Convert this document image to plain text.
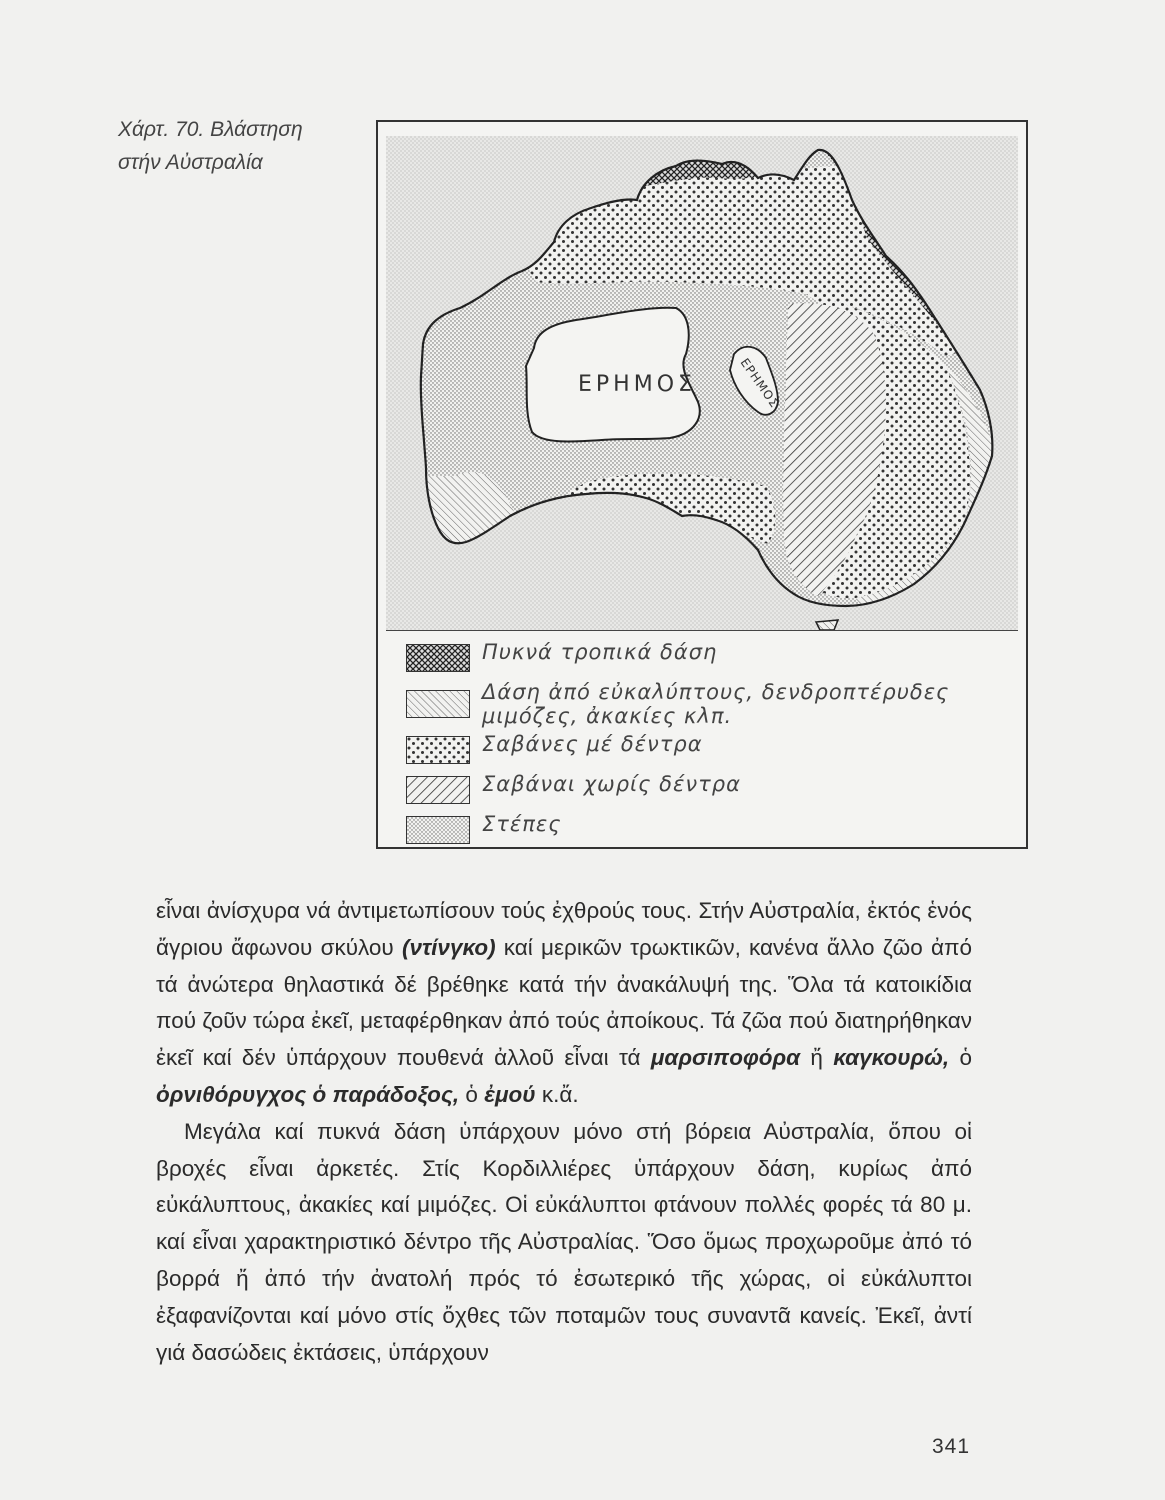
Χάρτ. 70. Βλάστηση
στήν Αὐστραλία
ΕΡΗΜΟΣ	ΕΡΗΜΟΣ
Πυκνά τροπικά δάση
Δάση ἀπό εὐκαλύπτους, δενδροπτέρυδες
μιμόζες, ἀκακίες κλπ.
Σαβάνες μέ δέντρα
Σαβάναι χωρίς δέντρα
Στέπες

εἶναι ἀνίσχυρα νά ἀντιμετωπίσουν τούς ἐχθρούς τους. Στήν Αὐστραλία, ἐκτός ἑνός ἄγριου ἄφωνου σκύλου (ντίνγκο) καί μερικῶν τρωκτικῶν, κανένα ἄλλο ζῶο ἀπό τά ἀνώτερα θηλαστικά δέ βρέθηκε κατά τήν ἀνακάλυψή της. Ὅλα τά κατοικίδια πού ζοῦν τώρα ἐκεῖ, μεταφέρθηκαν ἀπό τούς ἀποίκους. Τά ζῶα πού διατηρήθηκαν ἐκεῖ καί δέν ὑπάρχουν πουθενά ἀλλοῦ εἶναι τά μαρσιποφόρα ἤ καγκουρώ, ὁ ὀρνιθόρυγχος ὁ παράδοξος, ὁ ἐμού κ.ἄ.

Μεγάλα καί πυκνά δάση ὑπάρχουν μόνο στή βόρεια Αὐστραλία, ὅπου οἱ βροχές εἶναι ἀρκετές. Στίς Κορδιλλιέρες ὑπάρχουν δάση, κυρίως ἀπό εὐκάλυπτους, ἀκακίες καί μιμόζες. Οἱ εὐκάλυπτοι φτάνουν πολλές φορές τά 80 μ. καί εἶναι χαρακτηριστικό δέντρο τῆς Αὐστραλίας. Ὅσο ὅμως προχωροῦμε ἀπό τό βορρά ἤ ἀπό τήν ἀνατολή πρός τό ἐσωτερικό τῆς χώρας, οἱ εὐκάλυπτοι ἐξαφανίζονται καί μόνο στίς ὄχθες τῶν ποταμῶν τους συναντᾶ κανείς. Ἐκεῖ, ἀντί γιά δασώδεις ἐκτάσεις, ὑπάρχουν

341
